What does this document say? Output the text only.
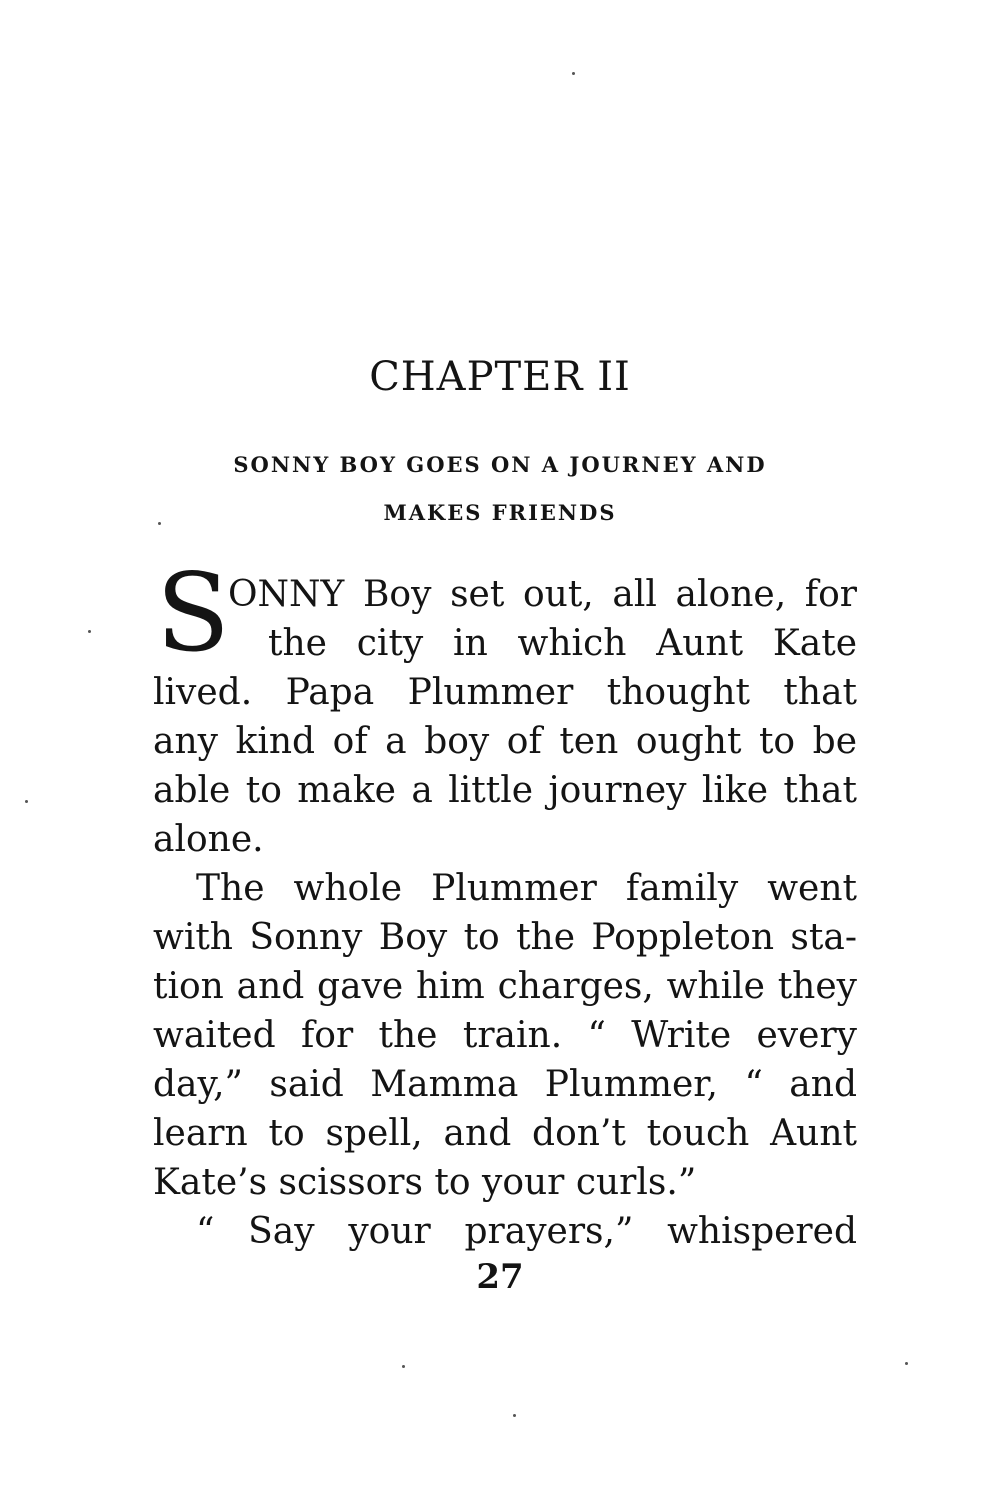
CHAPTER II
SONNY BOY GOES ON A JOURNEY AND
MAKES FRIENDS
S
ONNY Boy set out, all alone, for
the city in which Aunt Kate
lived. Papa Plummer thought that
any kind of a boy of ten ought to be
able to make a little journey like that
alone.
The whole Plummer family went
with Sonny Boy to the Poppleton sta-
tion and gave him charges, while they
waited for the train. “ Write every
day,” said Mamma Plummer, “ and
learn to spell, and don’t touch Aunt
Kate’s scissors to your curls.”
“ Say your prayers,” whispered
27
